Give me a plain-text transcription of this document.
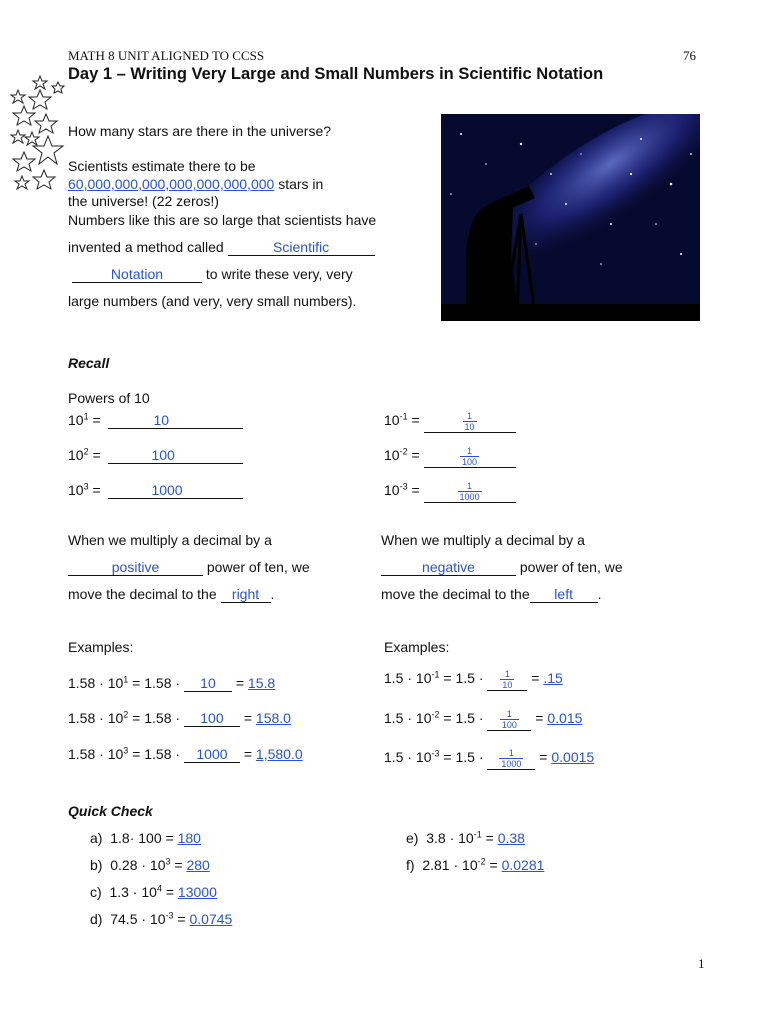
MATH 8 UNIT ALIGNED TO CCSS	76
Day 1 – Writing Very Large and Small Numbers in Scientific Notation
How many stars are there in the universe?
Scientists estimate there to be
60,000,000,000,000,000,000,000 stars in
the universe! (22 zeros!)
Numbers like this are so large that scientists have
invented a method called	Scientific
Notation	to write these very, very
large numbers (and very, very small numbers).
Recall
Powers of 10
$10^1$ =	10
$10^2$ =	100
$10^3$ =	1000
$10^{-1}$ =	$\frac{1}{10}$
$10^{-2}$ =	$\frac{1}{100}$
$10^{-3}$ =	$\frac{1}{1000}$
When we multiply a decimal by a
positive	power of ten, we
move the decimal to the right .
When we multiply a decimal by a
negative	power of ten, we
move the decimal to the left .
Examples:	Examples:
$1.58 \cdot 10^1 = 1.58 \cdot 10 = 15.8$
$1.58 \cdot 10^2 = 1.58 \cdot 100 = 158.0$
$1.58 \cdot 10^3 = 1.58 \cdot 1000 = 1,580.0$
$1.5 \cdot 10^{-1} = 1.5 \cdot \frac{1}{10} = .15$
$1.5 \cdot 10^{-2} = 1.5 \cdot \frac{1}{100} = 0.015$
$1.5 \cdot 10^{-3} = 1.5 \cdot \frac{1}{1000} = 0.0015$
Quick Check
a) 1.8· 100 = 180
b) $0.28 \cdot 10^3 = 280$
c) $1.3 \cdot 10^4 = 13000$
d) $74.5 \cdot 10^{-3} = 0.0745$
e) $3.8 \cdot 10^{-1} = 0.38$
f) $2.81 \cdot 10^{-2} = 0.0281$
1
